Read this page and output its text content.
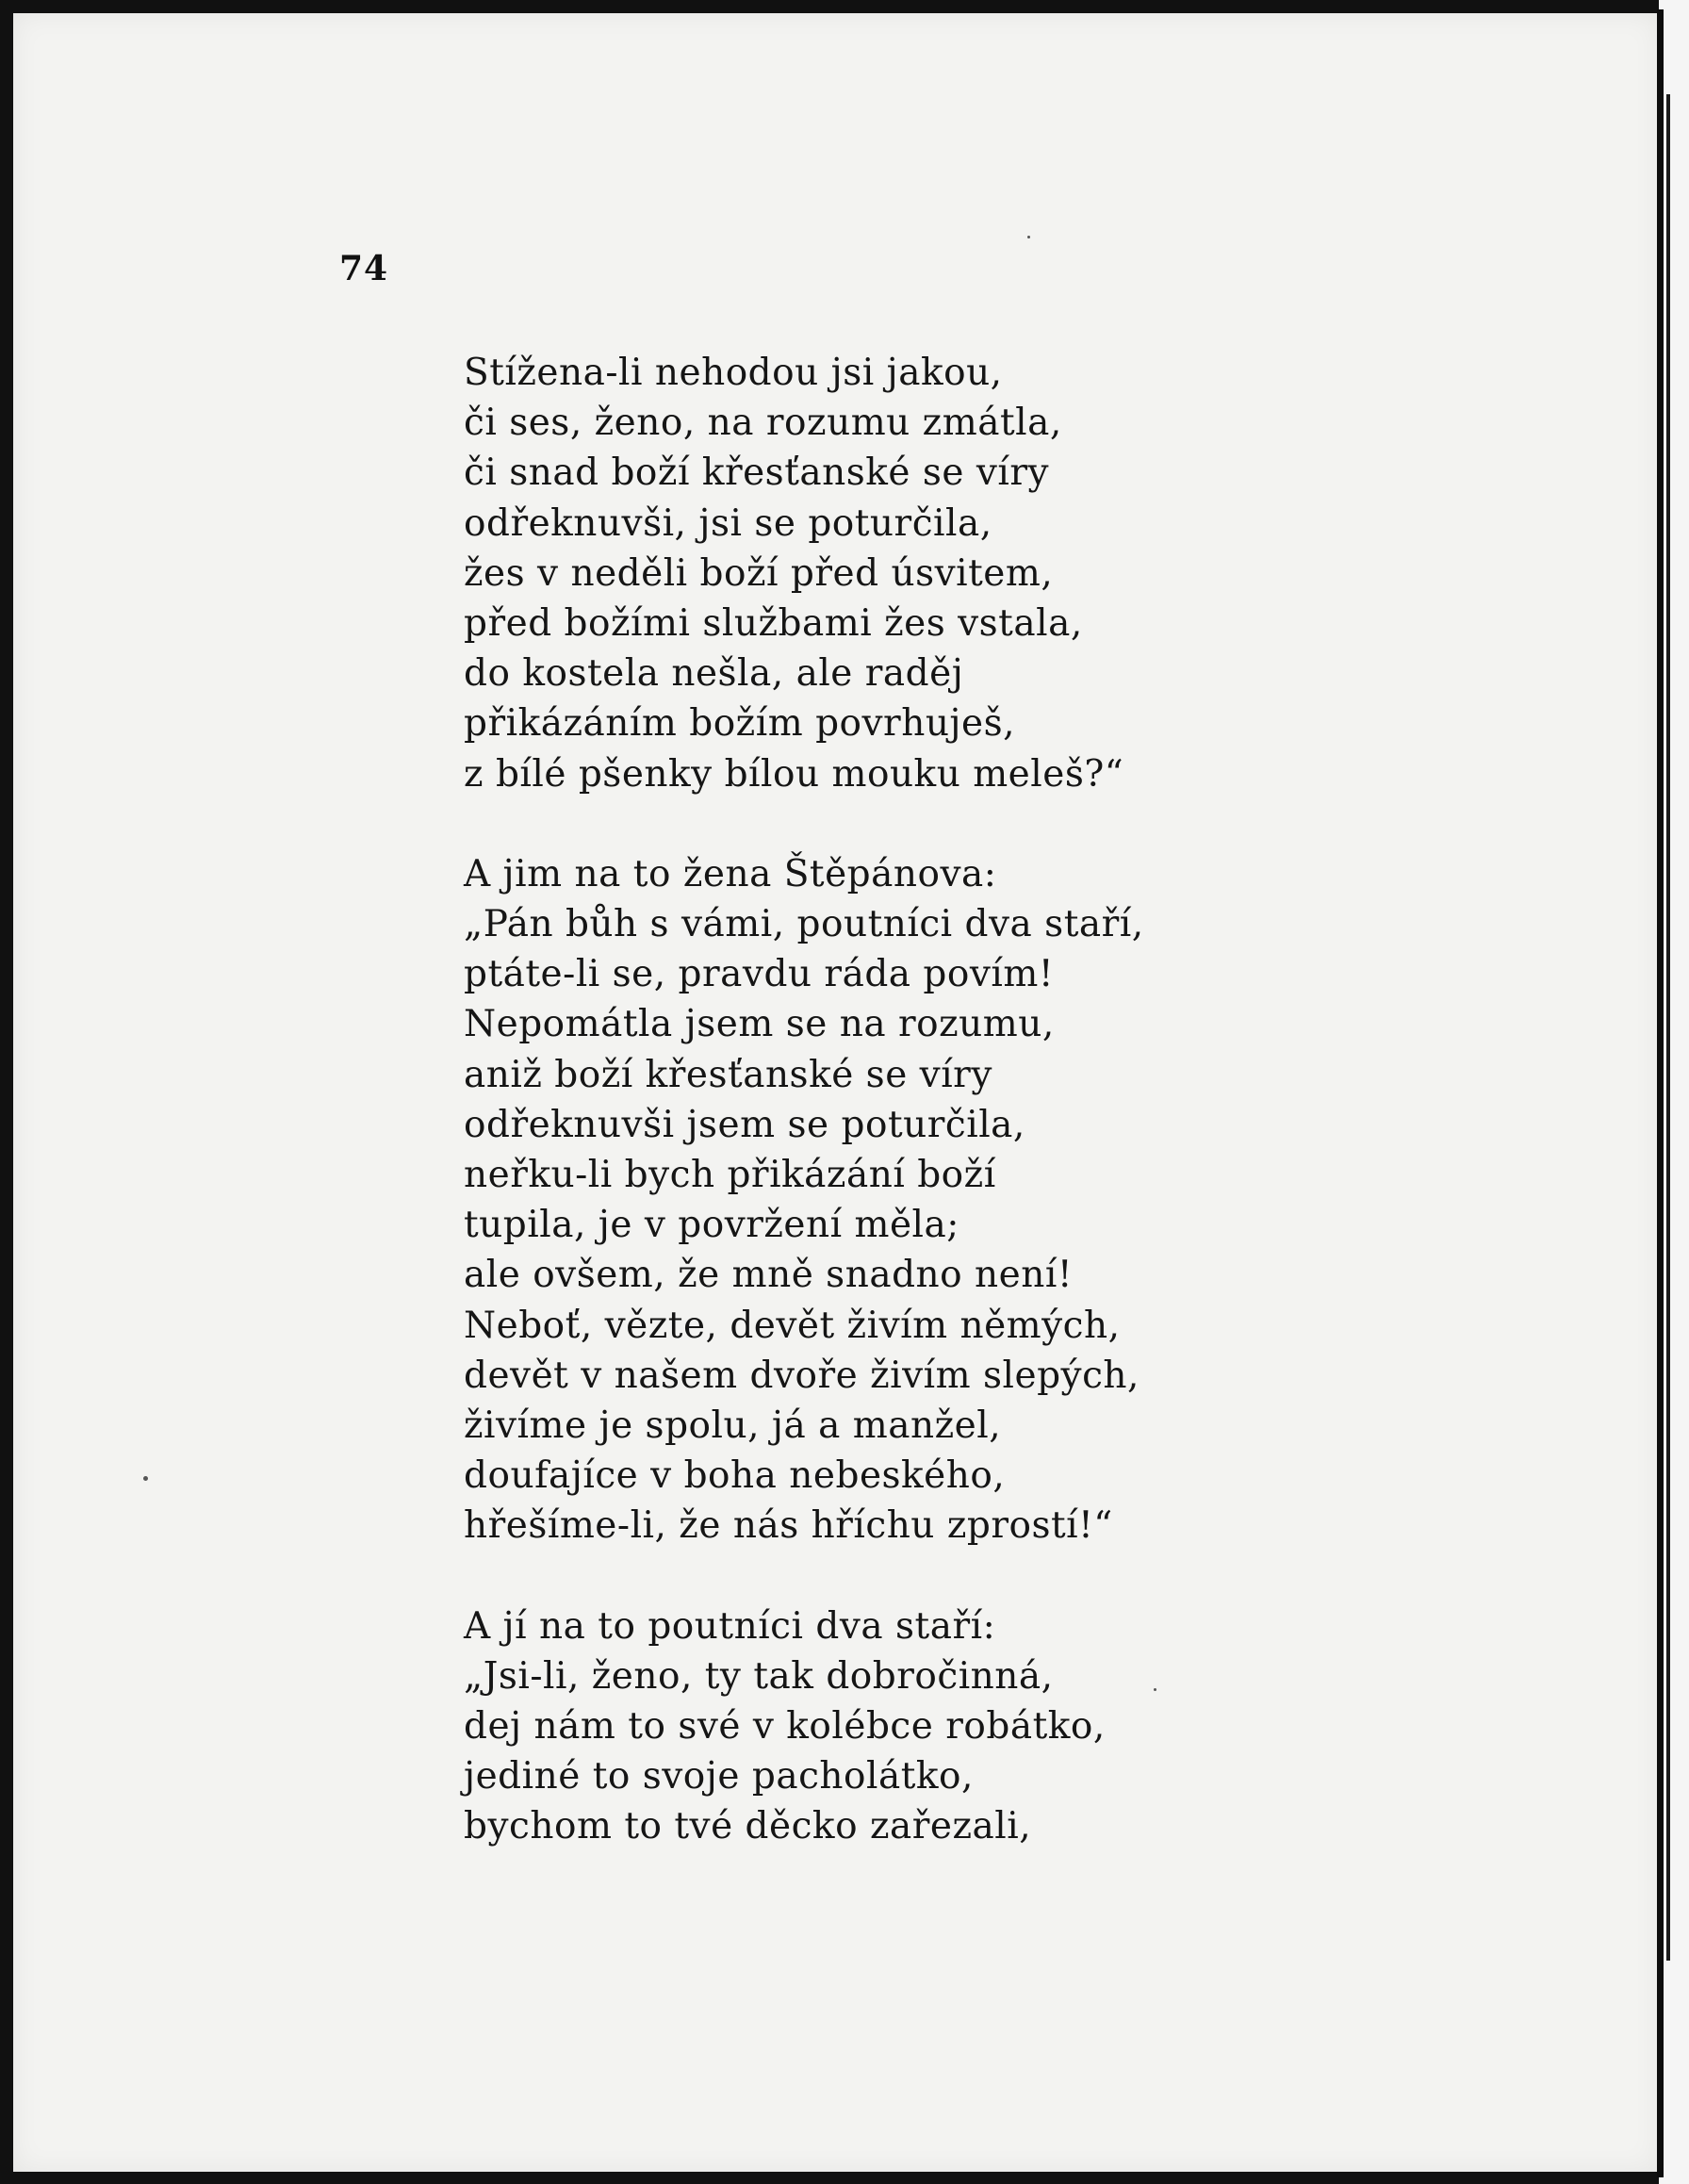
74
Stížena-li nehodou jsi jakou,
či ses, ženo, na rozumu zmátla,
či snad boží křesťanské se víry
odřeknuvši, jsi se poturčila,
žes v neděli boží před úsvitem,
před božími službami žes vstala,
do kostela nešla, ale raděj
přikázáním božím povrhuješ,
z bílé pšenky bílou mouku meleš?“
A jim na to žena Štěpánova:
„Pán bůh s vámi, poutníci dva staří,
ptáte-li se, pravdu ráda povím!
Nepomátla jsem se na rozumu,
aniž boží křesťanské se víry
odřeknuvši jsem se poturčila,
neřku-li bych přikázání boží
tupila, je v povržení měla;
ale ovšem, že mně snadno není!
Neboť, vězte, devět živím němých,
devět v našem dvoře živím slepých,
živíme je spolu, já a manžel,
doufajíce v boha nebeského,
hřešíme-li, že nás hříchu zprostí!“
A jí na to poutníci dva staří:
„Jsi-li, ženo, ty tak dobročinná,
dej nám to své v kolébce robátko,
jediné to svoje pacholátko,
bychom to tvé děcko zařezali,
